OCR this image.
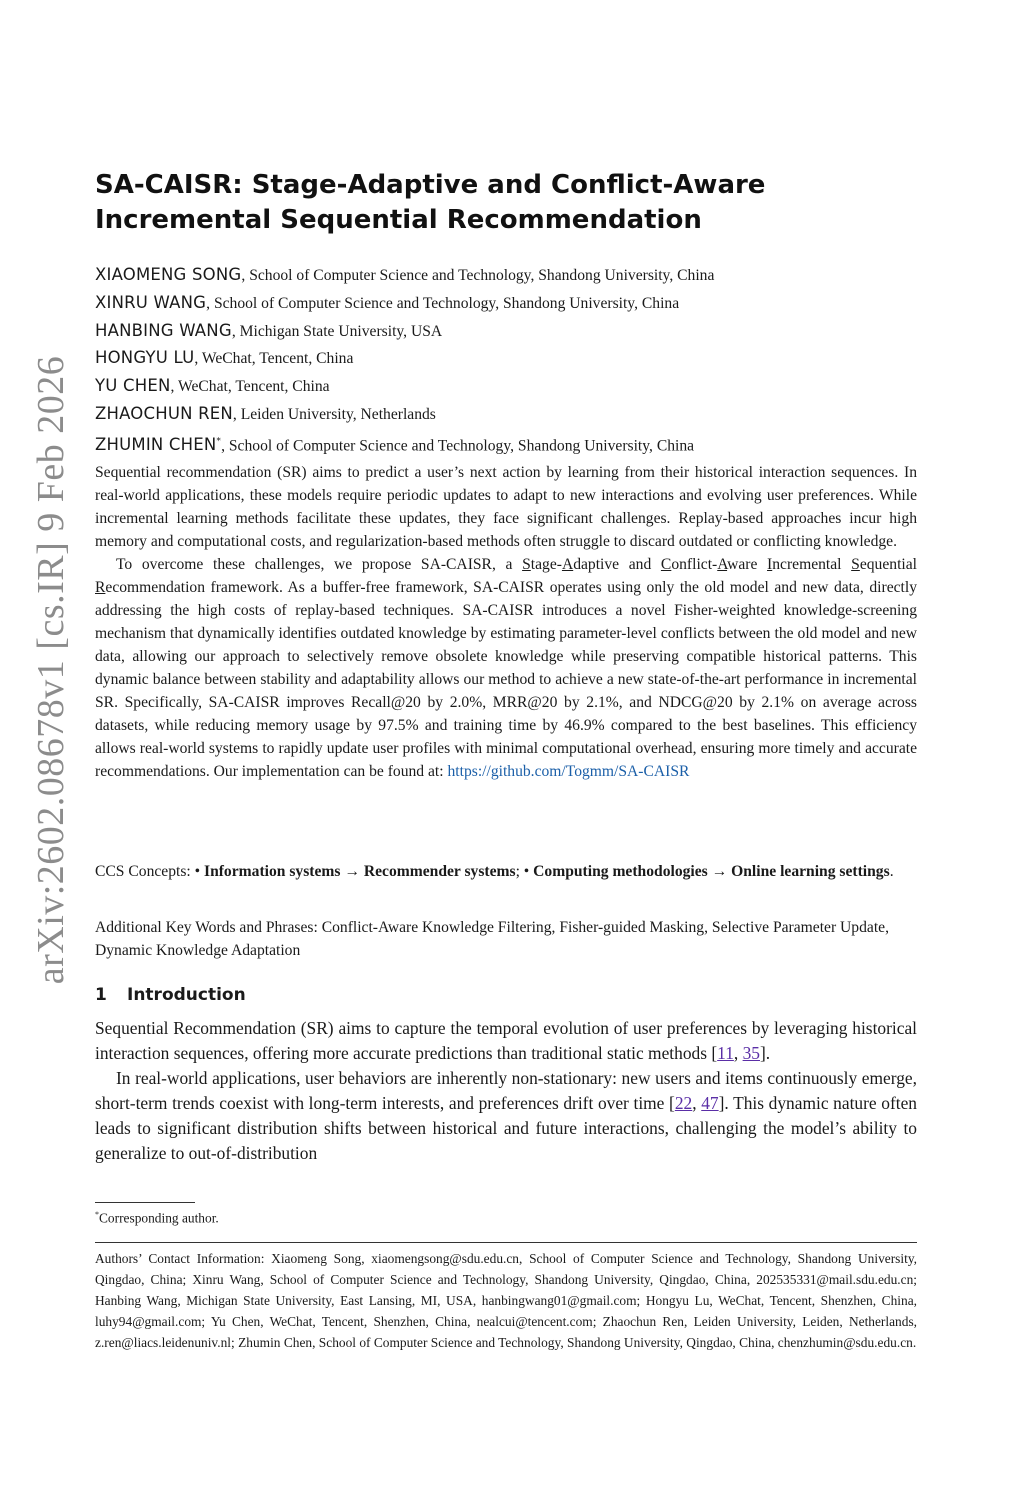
arXiv:2602.08678v1 [cs.IR] 9 Feb 2026
SA-CAISR: Stage-Adaptive and Conflict-Aware Incremental Sequential Recommendation
XIAOMENG SONG, School of Computer Science and Technology, Shandong University, China
XINRU WANG, School of Computer Science and Technology, Shandong University, China
HANBING WANG, Michigan State University, USA
HONGYU LU, WeChat, Tencent, China
YU CHEN, WeChat, Tencent, China
ZHAOCHUN REN, Leiden University, Netherlands
ZHUMIN CHEN*, School of Computer Science and Technology, Shandong University, China

Sequential recommendation (SR) aims to predict a user’s next action by learning from their historical interaction sequences. In real-world applications, these models require periodic updates to adapt to new interactions and evolving user preferences. While incremental learning methods facilitate these updates, they face significant challenges. Replay-based approaches incur high memory and computational costs, and regularization-based methods often struggle to discard outdated or conflicting knowledge.

To overcome these challenges, we propose SA-CAISR, a Stage-Adaptive and Conflict-Aware Incremental Sequential Recommendation framework. As a buffer-free framework, SA-CAISR operates using only the old model and new data, directly addressing the high costs of replay-based techniques. SA-CAISR introduces a novel Fisher-weighted knowledge-screening mechanism that dynamically identifies outdated knowledge by estimating parameter-level conflicts between the old model and new data, allowing our approach to selectively remove obsolete knowledge while preserving compatible historical patterns. This dynamic balance between stability and adaptability allows our method to achieve a new state-of-the-art performance in incremental SR. Specifically, SA-CAISR improves Recall@20 by 2.0%, MRR@20 by 2.1%, and NDCG@20 by 2.1% on average across datasets, while reducing memory usage by 97.5% and training time by 46.9% compared to the best baselines. This efficiency allows real-world systems to rapidly update user profiles with minimal computational overhead, ensuring more timely and accurate recommendations. Our implementation can be found at: https://github.com/Togmm/SA-CAISR

CCS Concepts: • Information systems → Recommender systems; • Computing methodologies → Online learning settings.
Additional Key Words and Phrases: Conflict-Aware Knowledge Filtering, Fisher-guided Masking, Selective Parameter Update, Dynamic Knowledge Adaptation
1 Introduction

Sequential Recommendation (SR) aims to capture the temporal evolution of user preferences by leveraging historical interaction sequences, offering more accurate predictions than traditional static methods [11, 35].

In real-world applications, user behaviors are inherently non-stationary: new users and items continuously emerge, short-term trends coexist with long-term interests, and preferences drift over time [22, 47]. This dynamic nature often leads to significant distribution shifts between historical and future interactions, challenging the model’s ability to generalize to out-of-distribution

*Corresponding author.
Authors’ Contact Information: Xiaomeng Song, xiaomengsong@sdu.edu.cn, School of Computer Science and Technology, Shandong University, Qingdao, China; Xinru Wang, School of Computer Science and Technology, Shandong University, Qingdao, China, 202535331@mail.sdu.edu.cn; Hanbing Wang, Michigan State University, East Lansing, MI, USA, hanbingwang01@gmail.com; Hongyu Lu, WeChat, Tencent, Shenzhen, China, luhy94@gmail.com; Yu Chen, WeChat, Tencent, Shenzhen, China, nealcui@tencent.com; Zhaochun Ren, Leiden University, Leiden, Netherlands, z.ren@liacs.leidenuniv.nl; Zhumin Chen, School of Computer Science and Technology, Shandong University, Qingdao, China, chenzhumin@sdu.edu.cn.
